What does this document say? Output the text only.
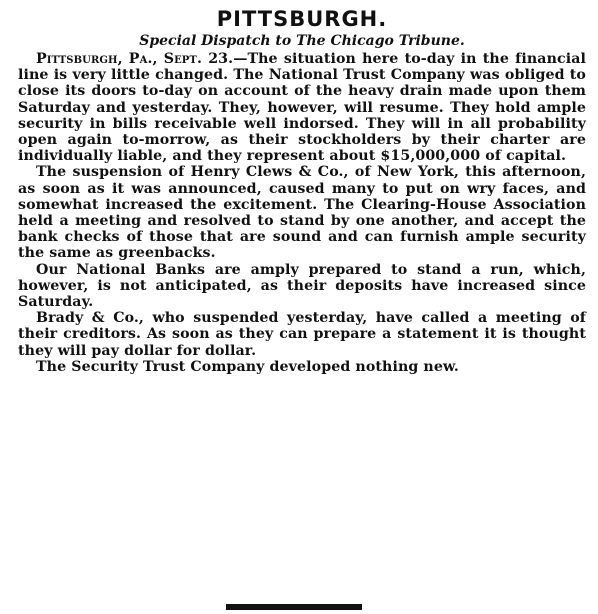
PITTSBURGH.
Special Dispatch to The Chicago Tribune.

Pittsburgh, Pa., Sept. 23.—The situation here to-day in the financial line is very little changed. The National Trust Company was obliged to close its doors to-day on account of the heavy drain made upon them Saturday and yesterday. They, however, will resume. They hold ample security in bills receivable well indorsed. They will in all probability open again to-morrow, as their stockholders by their charter are individually liable, and they represent about $15,000,000 of capital.

The suspension of Henry Clews & Co., of New York, this afternoon, as soon as it was announced, caused many to put on wry faces, and somewhat increased the excitement. The Clearing-House Association held a meeting and resolved to stand by one another, and accept the bank checks of those that are sound and can furnish ample security the same as greenbacks.

Our National Banks are amply prepared to stand a run, which, however, is not anticipated, as their deposits have increased since Saturday.

Brady & Co., who suspended yesterday, have called a meeting of their creditors. As soon as they can prepare a statement it is thought they will pay dollar for dollar.

The Security Trust Company developed nothing new.
